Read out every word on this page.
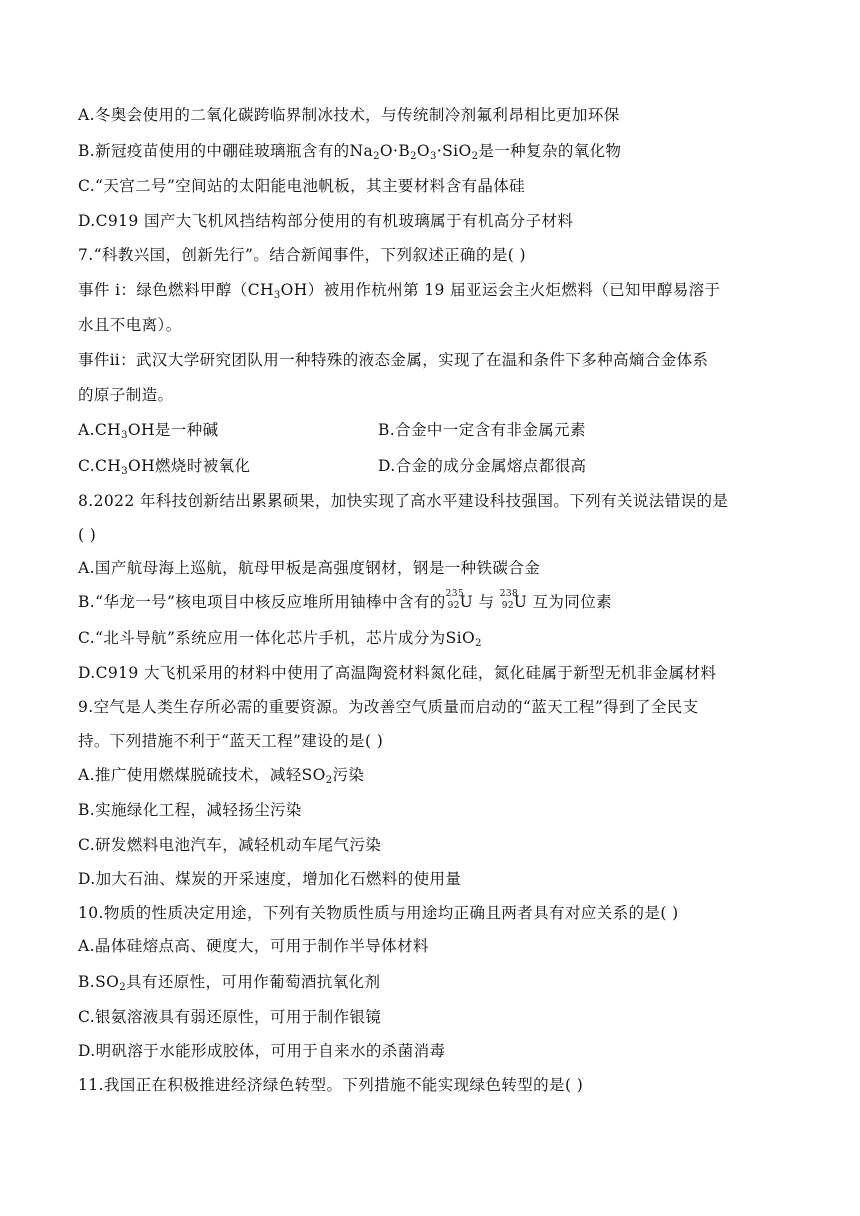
A.冬奥会使用的二氧化碳跨临界制冰技术，与传统制冷剂氟利昂相比更加环保
B.新冠疫苗使用的中硼硅玻璃瓶含有的$Na_2O\cdot B_2O_3\cdot SiO_2$是一种复杂的氧化物
C.“天宫二号”空间站的太阳能电池帆板，其主要材料含有晶体硅
D.C919 国产大飞机风挡结构部分使用的有机玻璃属于有机高分子材料
7.“科教兴国，创新先行”。结合新闻事件，下列叙述正确的是( )
事件 ⅰ：绿色燃料甲醇$(CH_3OH)$被用作杭州第 19 届亚运会主火炬燃料（已知甲醇易溶于
水且不电离）。
事件ⅱ：武汉大学研究团队用一种特殊的液态金属，实现了在温和条件下多种高熵合金体系
的原子制造。
$A.CH_3OH$是一种碱	B.合金中一定含有非金属元素
$C.CH_3OH$燃烧时被氧化	D.合金的成分金属熔点都很高
8.2022 年科技创新结出累累硕果，加快实现了高水平建设科技强国。下列有关说法错误的是
( )
A.国产航母海上巡航，航母甲板是高强度钢材，钢是一种铁碳合金
B.“华龙一号”核电项目中核反应堆所用铀棒中含有的 235
92 U 与 238
92 U 互为同位素
C.“北斗导航”系统应用一体化芯片手机，芯片成分为SiO$_2$
D.C919 大飞机采用的材料中使用了高温陶瓷材料氮化硅，氮化硅属于新型无机非金属材料
9.空气是人类生存所必需的重要资源。为改善空气质量而启动的“蓝天工程”得到了全民支
持。下列措施不利于“蓝天工程”建设的是( )
A.推广使用燃煤脱硫技术，减轻$SO_2$污染
B.实施绿化工程，减轻扬尘污染
C.研发燃料电池汽车，减轻机动车尾气污染
D.加大石油、煤炭的开采速度，增加化石燃料的使用量
10.物质的性质决定用途，下列有关物质性质与用途均正确且两者具有对应关系的是( )
A.晶体硅熔点高、硬度大，可用于制作半导体材料
$B.SO_2$具有还原性，可用作葡萄酒抗氧化剂
C.银氨溶液具有弱还原性，可用于制作银镜
D.明矾溶于水能形成胶体，可用于自来水的杀菌消毒
11.我国正在积极推进经济绿色转型。下列措施不能实现绿色转型的是( )
